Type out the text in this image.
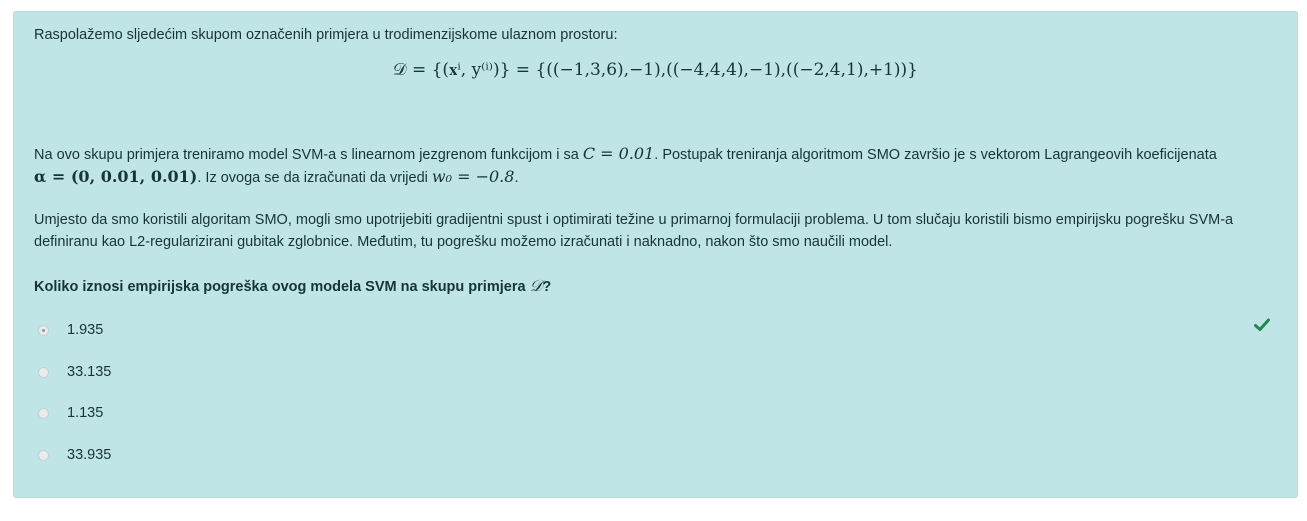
Raspolažemo sljedećim skupom označenih primjera u trodimenzijskome ulaznom prostoru:
𝒟 = {(𝐱ⁱ, y⁽ⁱ⁾)} = {((−1,3,6),−1),((−4,4,4),−1),((−2,4,1),+1))}
Na ovo skupu primjera treniramo model SVM-a s linearnom jezgrenom funkcijom i sa C = 0.01. Postupak treniranja algoritmom SMO završio je s vektorom Lagrangeovih koeficijenata
α = (0, 0.01, 0.01). Iz ovoga se da izračunati da vrijedi w₀ = −0.8.
Umjesto da smo koristili algoritam SMO, mogli smo upotrijebiti gradijentni spust i optimirati težine u primarnoj formulaciji problema. U tom slučaju koristili bismo empirijsku pogrešku SVM-a definiranu kao L2-regularizirani gubitak zglobnice. Međutim, tu pogrešku možemo izračunati i naknadno, nakon što smo naučili model.
Koliko iznosi empirijska pogreška ovog modela SVM na skupu primjera 𝒟?
1.935
33.135
1.135
33.935
